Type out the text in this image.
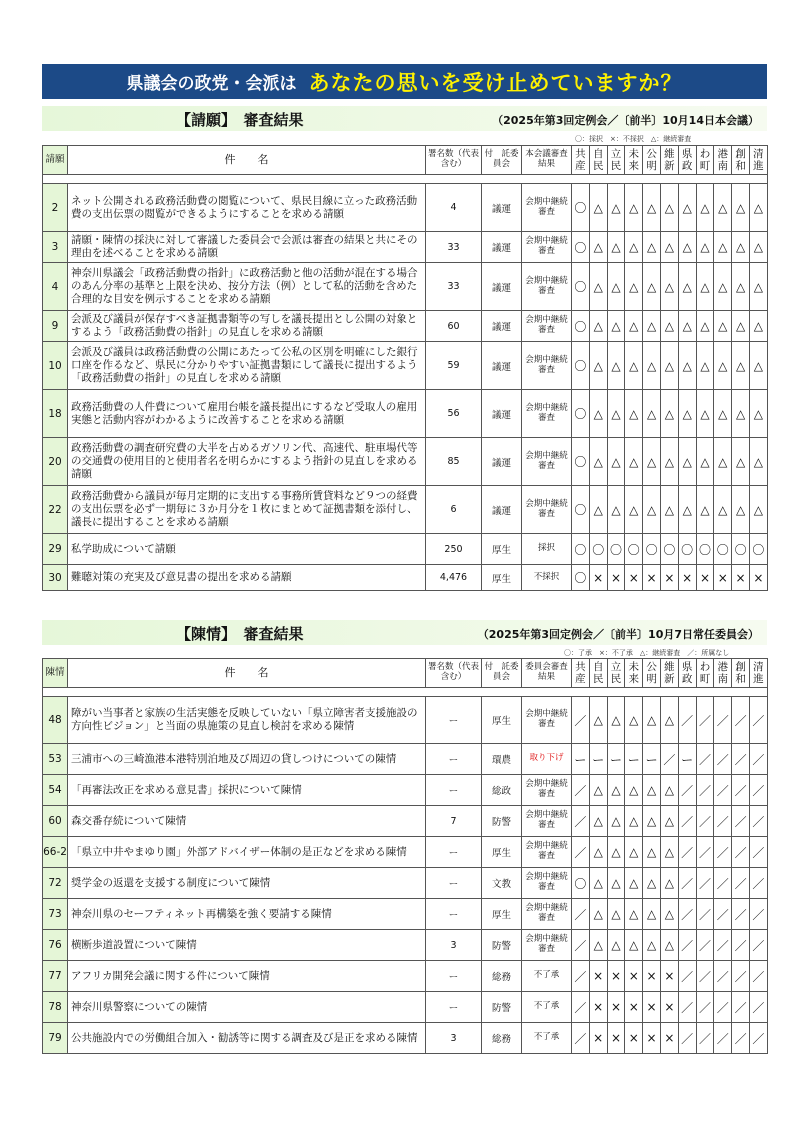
県議会の政党・会派は あなたの思いを受け止めていますか？
【請願】　審査結果	（2025年第3回定例会／〔前半〕10月14日本会議）
〇：採択　×：不採択　△：継続審査
請願	件　　名	署名数（代表含む）	付　託委員会	本会議審査結果	共産	自民	立民	未来	公明	維新	県政	わ町	港南	創和	清進

2	ネット公開される政務活動費の閲覧について、県民目線に立った政務活動費の支出伝票の閲覧ができるようにすることを求める請願	4	議運	会期中継続審査	〇	△	△	△	△	△	△	△	△	△	△
3	請願・陳情の採決に対して審議した委員会で会派は審査の結果と共にその理由を述べることを求める請願	33	議運	会期中継続審査	〇	△	△	△	△	△	△	△	△	△	△
4	神奈川県議会「政務活動費の指針」に政務活動と他の活動が混在する場合のあん分率の基準と上限を決め、按分方法（例）として私的活動を含めた合理的な目安を例示することを求める請願	33	議運	会期中継続審査	〇	△	△	△	△	△	△	△	△	△	△
9	会派及び議員が保存すべき証拠書類等の写しを議長提出とし公開の対象とするよう「政務活動費の指針」の見直しを求める請願	60	議運	会期中継続審査	〇	△	△	△	△	△	△	△	△	△	△
10	会派及び議員は政務活動費の公開にあたって公私の区別を明確にした銀行口座を作るなど、県民に分かりやすい証拠書類にして議長に提出するよう「政務活動費の指針」の見直しを求める請願	59	議運	会期中継続審査	〇	△	△	△	△	△	△	△	△	△	△
18	政務活動費の人件費について雇用台帳を議長提出にするなど受取人の雇用実態と活動内容がわかるように改善することを求める請願	56	議運	会期中継続審査	〇	△	△	△	△	△	△	△	△	△	△
20	政務活動費の調査研究費の大半を占めるガソリン代、高速代、駐車場代等の交通費の使用目的と使用者名を明らかにするよう指針の見直しを求める請願	85	議運	会期中継続審査	〇	△	△	△	△	△	△	△	△	△	△
22	政務活動費から議員が毎月定期的に支出する事務所賃貸料など９つの経費の支出伝票を必ず一期毎に３か月分を１枚にまとめて証拠書類を添付し、議長に提出することを求める請願	6	議運	会期中継続審査	〇	△	△	△	△	△	△	△	△	△	△
29	私学助成について請願	250	厚生	採択	〇	〇	〇	〇	〇	〇	〇	〇	〇	〇	〇
30	難聴対策の充実及び意見書の提出を求める請願	4,476	厚生	不採択	〇	×	×	×	×	×	×	×	×	×	×
【陳情】　審査結果	（2025年第3回定例会／〔前半〕10月7日常任委員会）
〇：了承　×：不了承　△：継続審査　／：所属なし
陳情	件　　名	署名数（代表含む）	付　託委員会	委員会審査結果	共産	自民	立民	未来	公明	維新	県政	わ町	港南	創和	清進

48	障がい当事者と家族の生活実態を反映していない「県立障害者支援施設の方向性ビジョン」と当面の県施策の見直し検討を求める陳情	ー	厚生	会期中継続審査	／	△	△	△	△	△	／	／	／	／	／
53	三浦市への三崎漁港本港特別泊地及び周辺の貸しつけについての陳情	ー	環農	取り下げ	ー	ー	ー	ー	ー	／	ー	／	／	／	／
54	「再審法改正を求める意見書」採択について陳情	ー	総政	会期中継続審査	／	△	△	△	△	△	／	／	／	／	／
60	森交番存続について陳情	7	防警	会期中継続審査	／	△	△	△	△	△	／	／	／	／	／
66-2	「県立中井やまゆり園」外部アドバイザー体制の是正などを求める陳情	ー	厚生	会期中継続審査	／	△	△	△	△	△	／	／	／	／	／
72	奨学金の返還を支援する制度について陳情	ー	文教	会期中継続審査	〇	△	△	△	△	△	／	／	／	／	／
73	神奈川県のセーフティネット再構築を強く要請する陳情	ー	厚生	会期中継続審査	／	△	△	△	△	△	／	／	／	／	／
76	横断歩道設置について陳情	3	防警	会期中継続審査	／	△	△	△	△	△	／	／	／	／	／
77	アフリカ開発会議に関する件について陳情	ー	総務	不了承	／	×	×	×	×	×	／	／	／	／	／
78	神奈川県警察についての陳情	ー	防警	不了承	／	×	×	×	×	×	／	／	／	／	／
79	公共施設内での労働組合加入・勧誘等に関する調査及び是正を求める陳情	3	総務	不了承	／	×	×	×	×	×	／	／	／	／	／
